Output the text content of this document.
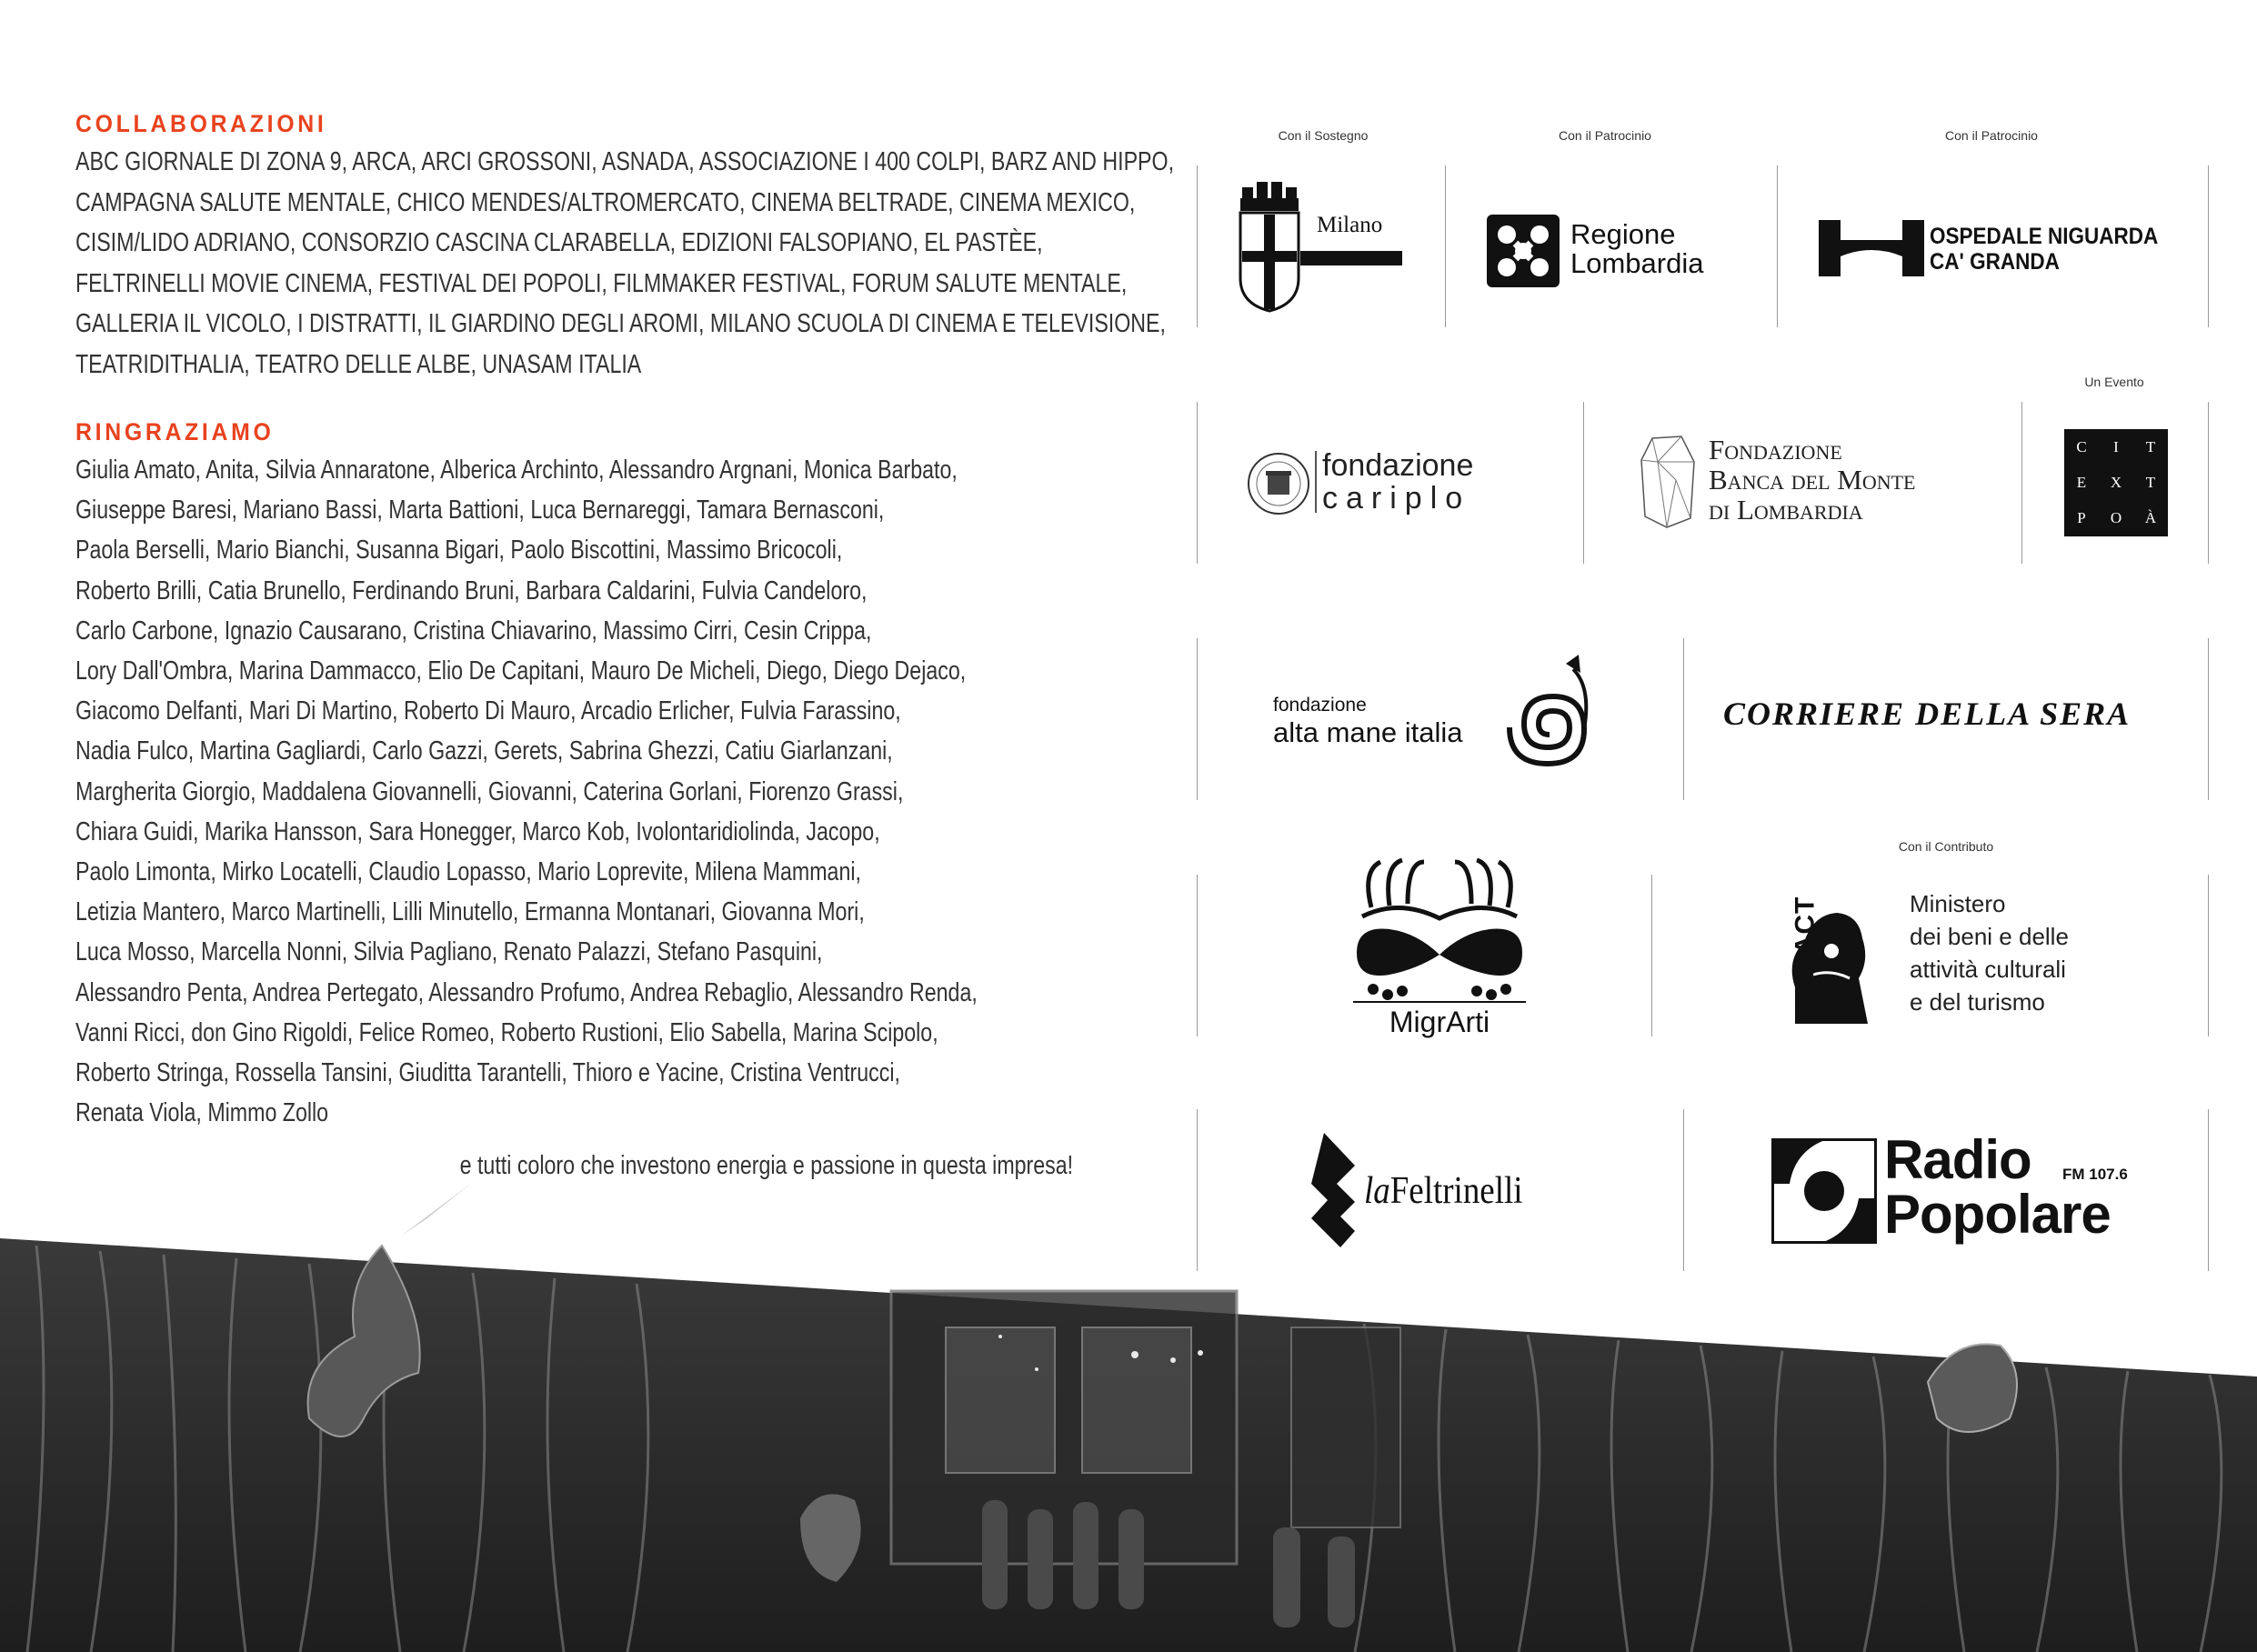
COLLABORAZIONI
ABC GIORNALE DI ZONA 9, ARCA, ARCI GROSSONI, ASNADA, ASSOCIAZIONE I 400 COLPI, BARZ AND HIPPO,
CAMPAGNA SALUTE MENTALE, CHICO MENDES/ALTROMERCATO, CINEMA BELTRADE, CINEMA MEXICO,
CISIM/LIDO ADRIANO, CONSORZIO CASCINA CLARABELLA, EDIZIONI FALSOPIANO, EL PASTÈE,
FELTRINELLI MOVIE CINEMA, FESTIVAL DEI POPOLI, FILMMAKER FESTIVAL, FORUM SALUTE MENTALE,
GALLERIA IL VICOLO, I DISTRATTI, IL GIARDINO DEGLI AROMI, MILANO SCUOLA DI CINEMA E TELEVISIONE,
TEATRIDITHALIA, TEATRO DELLE ALBE, UNASAM ITALIA
RINGRAZIAMO
Giulia Amato, Anita, Silvia Annaratone, Alberica Archinto, Alessandro Argnani, Monica Barbato,
Giuseppe Baresi, Mariano Bassi, Marta Battioni, Luca Bernareggi, Tamara Bernasconi,
Paola Berselli, Mario Bianchi, Susanna Bigari, Paolo Biscottini, Massimo Bricocoli,
Roberto Brilli, Catia Brunello, Ferdinando Bruni, Barbara Caldarini, Fulvia Candeloro,
Carlo Carbone, Ignazio Causarano, Cristina Chiavarino, Massimo Cirri, Cesin Crippa,
Lory Dall'Ombra, Marina Dammacco, Elio De Capitani, Mauro De Micheli, Diego, Diego Dejaco,
Giacomo Delfanti, Mari Di Martino, Roberto Di Mauro, Arcadio Erlicher, Fulvia Farassino,
Nadia Fulco, Martina Gagliardi, Carlo Gazzi, Gerets, Sabrina Ghezzi, Catiu Giarlanzani,
Margherita Giorgio, Maddalena Giovannelli, Giovanni, Caterina Gorlani, Fiorenzo Grassi,
Chiara Guidi, Marika Hansson, Sara Honegger, Marco Kob, Ivolontaridiolinda, Jacopo,
Paolo Limonta, Mirko Locatelli, Claudio Lopasso, Mario Loprevite, Milena Mammani,
Letizia Mantero, Marco Martinelli, Lilli Minutello, Ermanna Montanari, Giovanna Mori,
Luca Mosso, Marcella Nonni, Silvia Pagliano, Renato Palazzi, Stefano Pasquini,
Alessandro Penta, Andrea Pertegato, Alessandro Profumo, Andrea Rebaglio, Alessandro Renda,
Vanni Ricci, don Gino Rigoldi, Felice Romeo, Roberto Rustioni, Elio Sabella, Marina Scipolo,
Roberto Stringa, Rossella Tansini, Giuditta Tarantelli, Thioro e Yacine, Cristina Ventrucci,
Renata Viola, Mimmo Zollo
e tutti coloro che investono energia e passione in questa impresa!
Con il Sostegno	Con il Patrocinio	Con il Patrocinio
Un Evento
Con il Contributo
Milano	Regione
Lombardia
OSPEDALE NIGUARDA
CA' GRANDA
fondazione
cariplo
Fondazione
Banca del Monte
di Lombardia
C	I	T
E	X	T
P	O	À
fondazione
alta mane italia
CORRIERE DELLA SERA
MigrArti
MiBACT	Ministero
dei beni e delle
attività culturali
e del turismo
laFeltrinelli
Radio
Popolare
FM 107.6
